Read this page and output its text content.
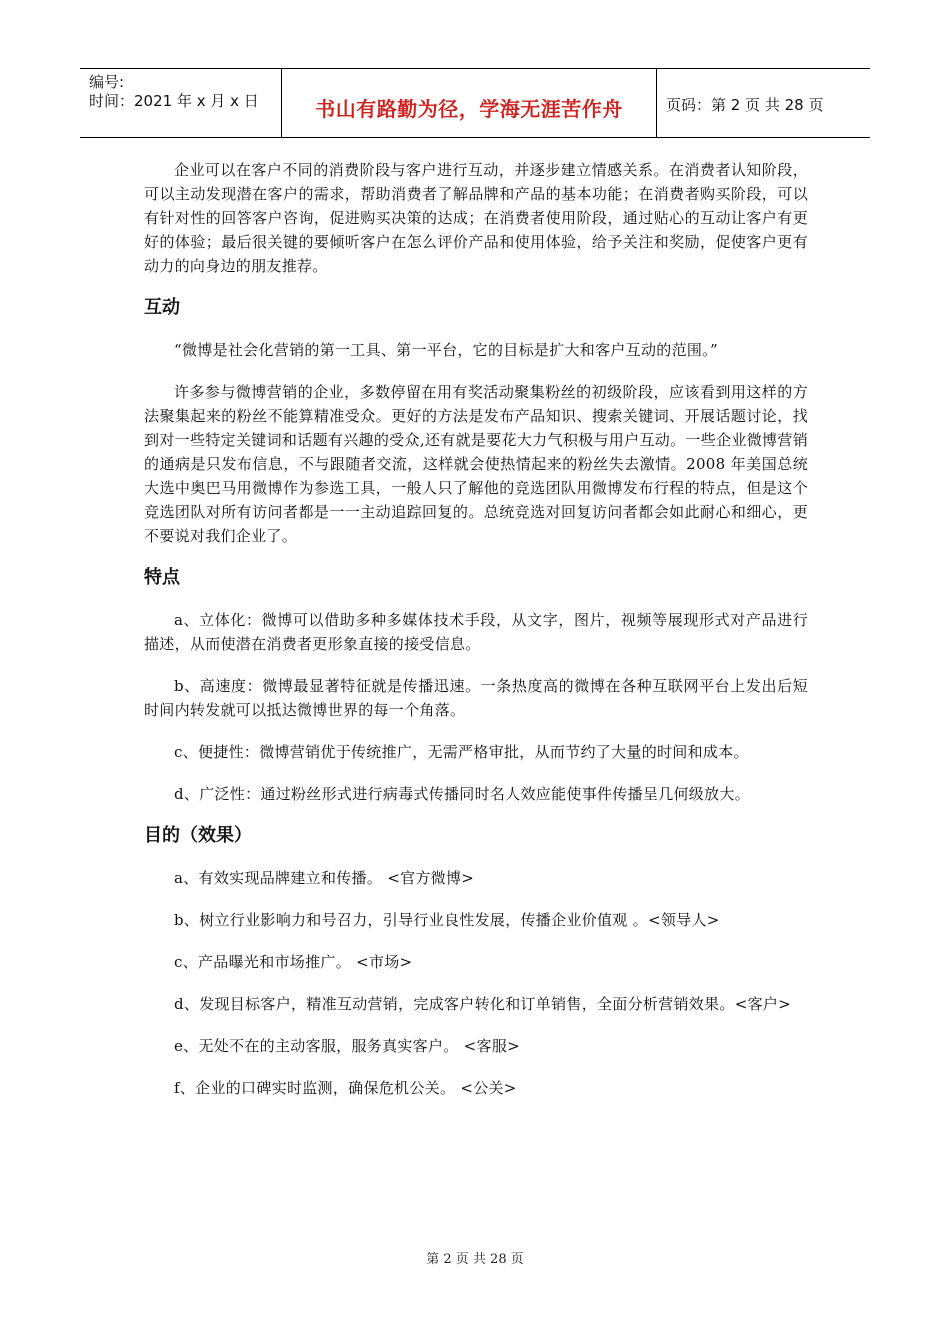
编号:
时间：2021 年 x 月 x 日	书山有路勤为径，学海无涯苦作舟	页码：第 2 页 共 28 页

企业可以在客户不同的消费阶段与客户进行互动，并逐步建立情感关系。在消费者认知阶段，可以主动发现潜在客户的需求，帮助消费者了解品牌和产品的基本功能；在消费者购买阶段，可以有针对性的回答客户咨询，促进购买决策的达成；在消费者使用阶段，通过贴心的互动让客户有更好的体验；最后很关键的要倾听客户在怎么评价产品和使用体验，给予关注和奖励，促使客户更有动力的向身边的朋友推荐。

互动

“微博是社会化营销的第一工具、第一平台，它的目标是扩大和客户互动的范围。”

许多参与微博营销的企业，多数停留在用有奖活动聚集粉丝的初级阶段，应该看到用这样的方法聚集起来的粉丝不能算精准受众。更好的方法是发布产品知识、搜索关键词、开展话题讨论，找到对一些特定关键词和话题有兴趣的受众,还有就是要花大力气积极与用户互动。一些企业微博营销的通病是只发布信息，不与跟随者交流，这样就会使热情起来的粉丝失去激情。2008 年美国总统大选中奥巴马用微博作为参选工具，一般人只了解他的竞选团队用微博发布行程的特点，但是这个竞选团队对所有访问者都是一一主动追踪回复的。总统竞选对回复访问者都会如此耐心和细心，更不要说对我们企业了。

特点

a、立体化：微博可以借助多种多媒体技术手段，从文字，图片，视频等展现形式对产品进行描述，从而使潜在消费者更形象直接的接受信息。

b、高速度：微博最显著特征就是传播迅速。一条热度高的微博在各种互联网平台上发出后短时间内转发就可以抵达微博世界的每一个角落。

c、便捷性：微博营销优于传统推广，无需严格审批，从而节约了大量的时间和成本。

d、广泛性：通过粉丝形式进行病毒式传播同时名人效应能使事件传播呈几何级放大。

目的（效果）

a、有效实现品牌建立和传播。 <官方微博>

b、树立行业影响力和号召力，引导行业良性发展，传播企业价值观 。<领导人>

c、产品曝光和市场推广。 <市场>

d、发现目标客户，精准互动营销，完成客户转化和订单销售，全面分析营销效果。<客户>

e、无处不在的主动客服，服务真实客户。 <客服>

f、企业的口碑实时监测，确保危机公关。 <公关>

第 2 页 共 28 页
